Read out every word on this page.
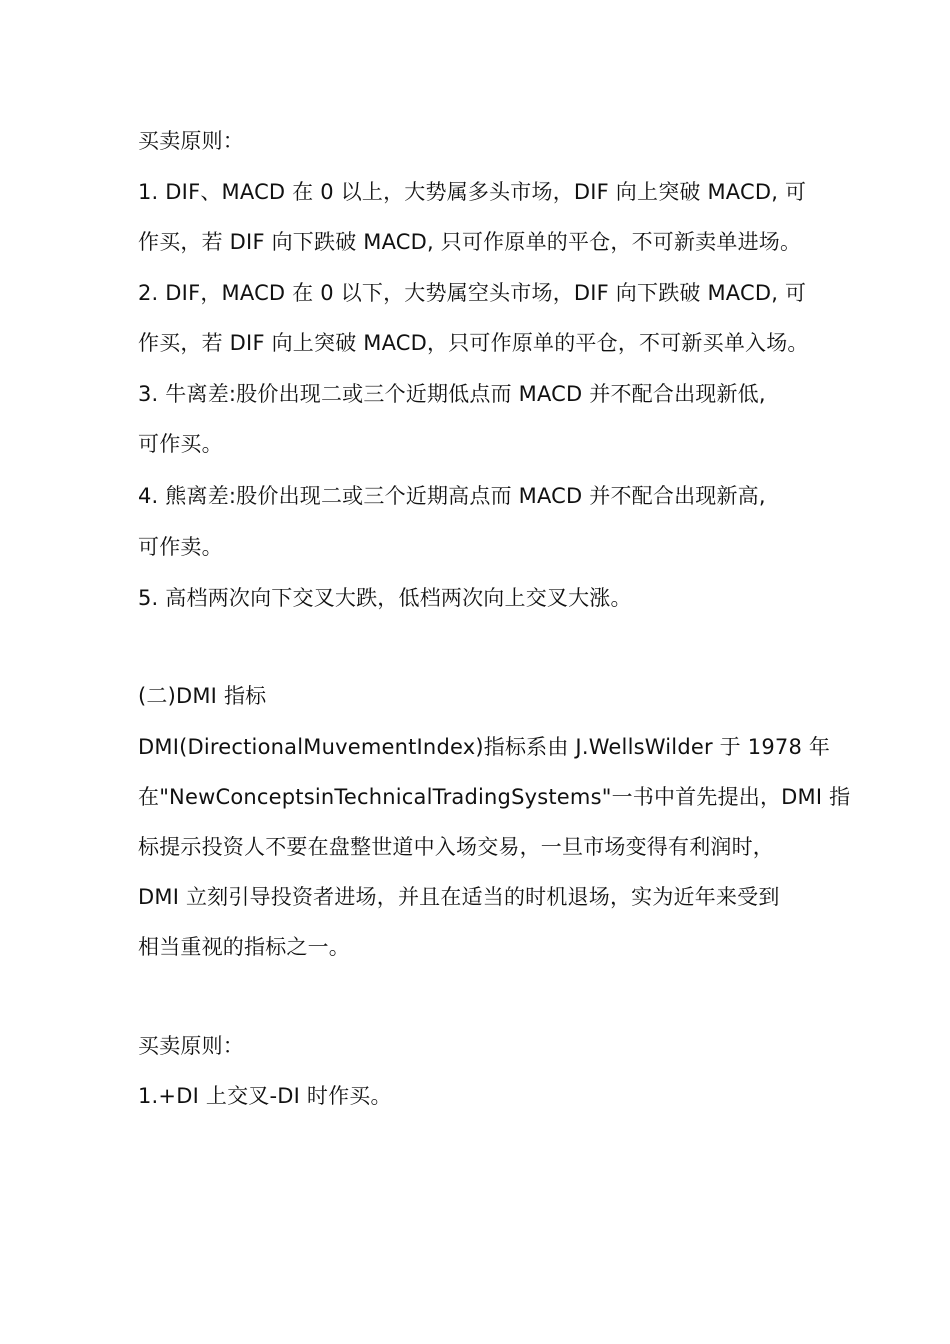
买卖原则：
1. DIF、MACD 在 0 以上，大势属多头市场，DIF 向上突破 MACD, 可
作买，若 DIF 向下跌破 MACD, 只可作原单的平仓，不可新卖单进场。
2. DIF，MACD 在 0 以下，大势属空头市场，DIF 向下跌破 MACD, 可
作买，若 DIF 向上突破 MACD，只可作原单的平仓，不可新买单入场。
3. 牛离差:股价出现二或三个近期低点而 MACD 并不配合出现新低,
可作买。
4. 熊离差:股价出现二或三个近期高点而 MACD 并不配合出现新高,
可作卖。
5. 高档两次向下交叉大跌，低档两次向上交叉大涨。
(二)DMI 指标
DMI(DirectionalMuvementIndex)指标系由 J.WellsWilder 于 1978 年
在"NewConceptsinTechnicalTradingSystems"一书中首先提出，DMI 指
标提示投资人不要在盘整世道中入场交易，一旦市场变得有利润时，
DMI 立刻引导投资者进场，并且在适当的时机退场，实为近年来受到
相当重视的指标之一。
买卖原则：
1.+DI 上交叉-DI 时作买。
